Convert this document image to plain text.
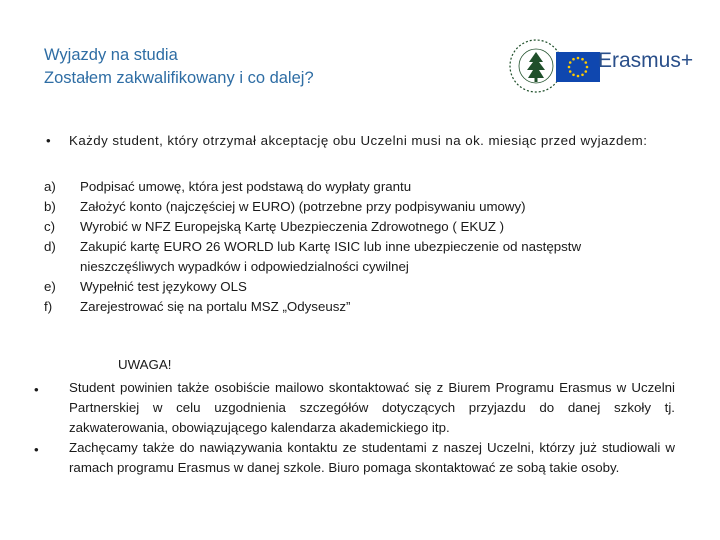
Wyjazdy na studia
Zostałem zakwalifikowany i co dalej?
Erasmus+
• Każdy student, który otrzymał akceptację obu Uczelni musi na ok. miesiąc przed wyjazdem:
a) Podpisać umowę, która jest podstawą do wypłaty grantu
b) Założyć konto (najczęściej w EURO) (potrzebne przy podpisywaniu umowy)
c) Wyrobić w NFZ Europejską Kartę Ubezpieczenia Zdrowotnego ( EKUZ )
d) Zakupić kartę EURO 26 WORLD lub Kartę ISIC lub inne ubezpieczenie od następstw nieszczęśliwych wypadków i odpowiedzialności cywilnej
e) Wypełnić test językowy OLS
f) Zarejestrować się na portalu MSZ „Odyseusz”
UWAGA!
• Student powinien także osobiście mailowo skontaktować się z Biurem Programu Erasmus w Uczelni Partnerskiej w celu uzgodnienia szczegółów dotyczących przyjazdu do danej szkoły tj. zakwaterowania, obowiązującego kalendarza akademickiego itp.
• Zachęcamy także do nawiązywania kontaktu ze studentami z naszej Uczelni, którzy już studiowali w ramach programu Erasmus w danej szkole. Biuro pomaga skontaktować ze sobą takie osoby.
